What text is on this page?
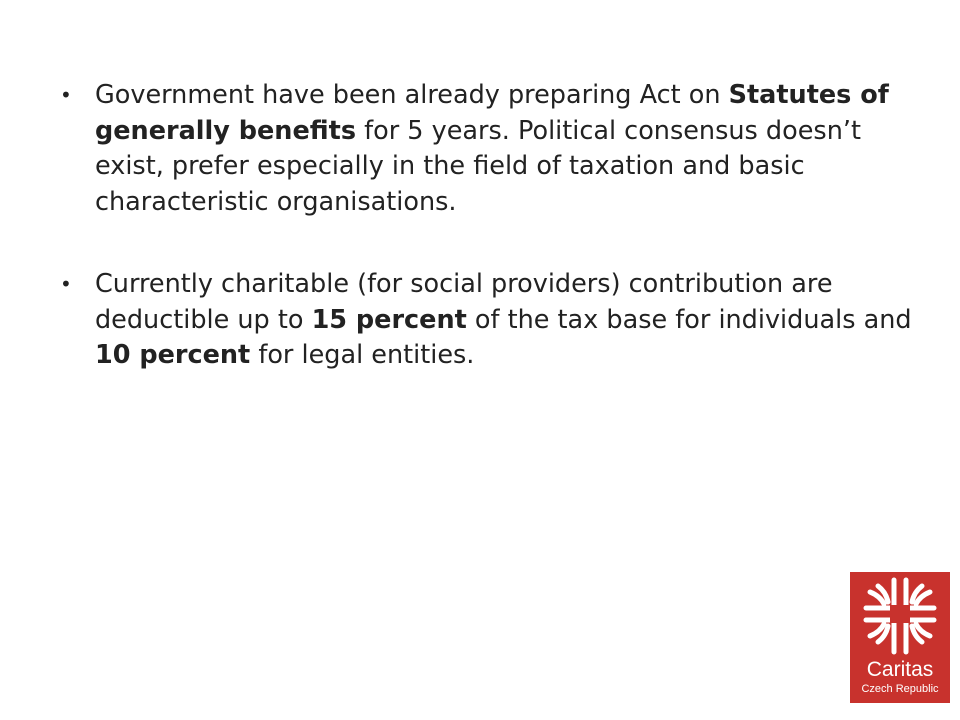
• Government have been already preparing Act on Statutes of generally benefits for 5 years. Political consensus doesn’t exist, prefer especially in the field of taxation and basic characteristic organisations.
• Currently charitable (for social providers) contribution are deductible up to 15 percent of the tax base for individuals and 10 percent for legal entities.
Caritas
Czech Republic
